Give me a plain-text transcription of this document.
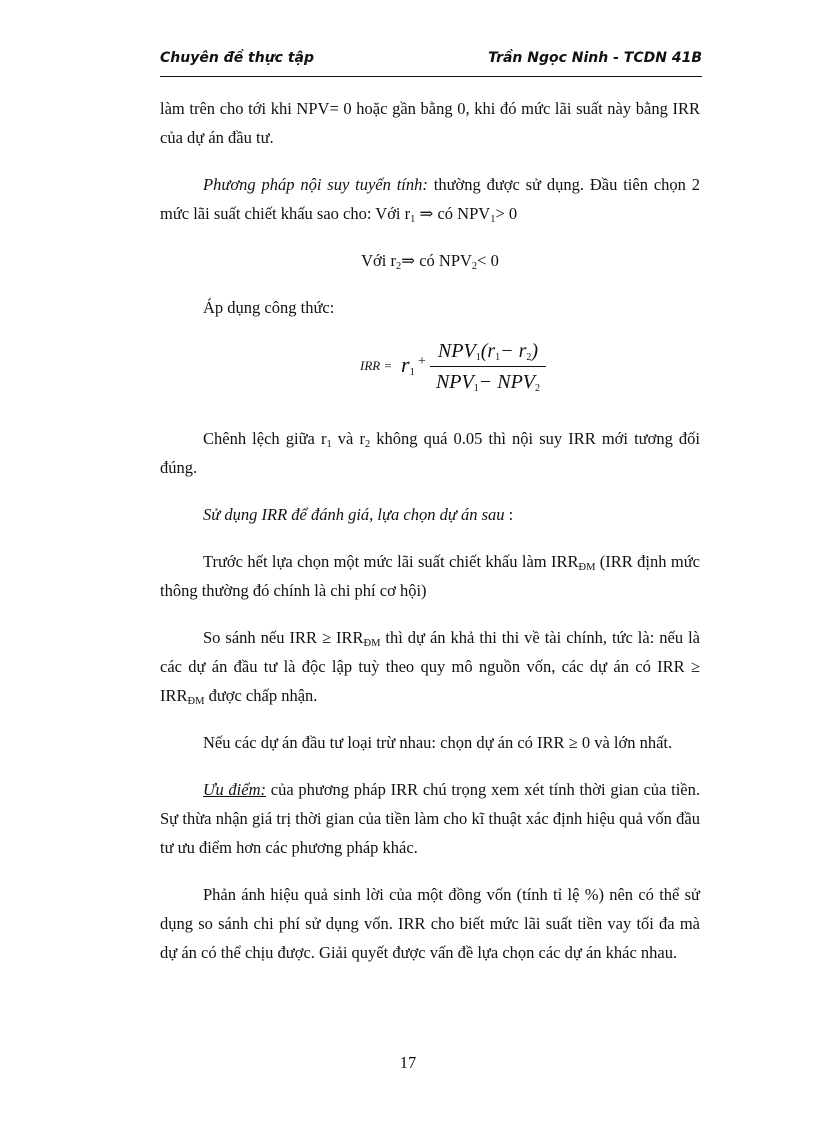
Chuyên đề thực tập	Trần Ngọc Ninh - TCDN 41B

làm trên cho tới khi NPV= 0 hoặc gần bằng 0, khi đó mức lãi suất này bằng IRR của dự án đầu tư.

Phương pháp nội suy tuyến tính: thường được sử dụng. Đầu tiên chọn 2 mức lãi suất chiết khấu sao cho: Với $r_1$ ⇒ có $NPV_1> 0$

Với $r_2\Rightarrow$ có $NPV_2< 0$

Áp dụng công thức:

IRR = $r_1$
+ NPV1(r1− r2)
NPV1− NPV2

Chênh lệch giữa $r_1$ và $r_2$ không quá 0.05 thì nội suy IRR mới tương đối đúng.

Sử dụng IRR để đánh giá, lựa chọn dự án sau :

Trước hết lựa chọn một mức lãi suất chiết khấu làm $IRR_{ĐM}$ (IRR định mức thông thường đó chính là chi phí cơ hội)

So sánh nếu IRR ≥ $IRR_{ĐM}$ thì dự án khả thi thi về tài chính, tức là: nếu là các dự án đầu tư là độc lập tuỳ theo quy mô nguồn vốn, các dự án có IRR ≥ $IRR_{ĐM}$ được chấp nhận.

Nếu các dự án đầu tư loại trừ nhau: chọn dự án có IRR ≥ 0 và lớn nhất.

Ưu điểm: của phương pháp IRR chú trọng xem xét tính thời gian của tiền. Sự thừa nhận giá trị thời gian của tiền làm cho kĩ thuật xác định hiệu quả vốn đầu tư ưu điểm hơn các phương pháp khác.

Phản ánh hiệu quả sinh lời của một đồng vốn (tính tỉ lệ %) nên có thể sử dụng so sánh chi phí sử dụng vốn. IRR cho biết mức lãi suất tiền vay tối đa mà dự án có thể chịu được. Giải quyết được vấn đề lựa chọn các dự án khác nhau.

17
